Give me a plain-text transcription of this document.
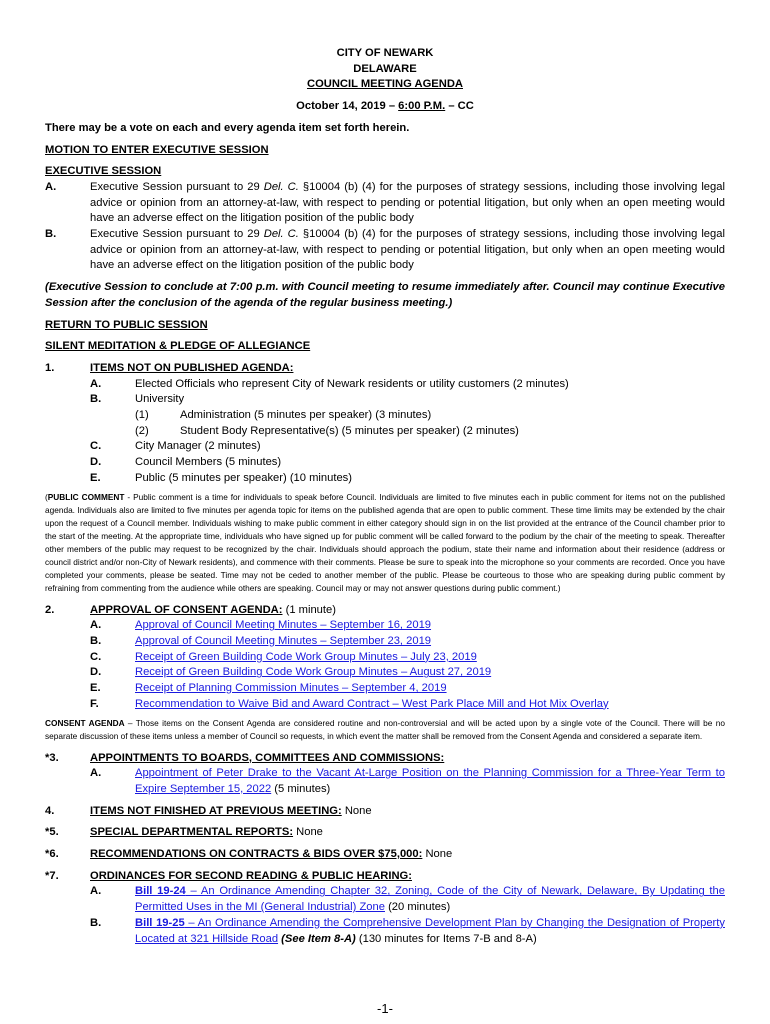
CITY OF NEWARK
DELAWARE
COUNCIL MEETING AGENDA
October 14, 2019 – 6:00 P.M. – CC
There may be a vote on each and every agenda item set forth herein.
MOTION TO ENTER EXECUTIVE SESSION
EXECUTIVE SESSION
A.	Executive Session pursuant to 29 Del. C. §10004 (b) (4) for the purposes of strategy sessions, including those involving legal advice or opinion from an attorney-at-law, with respect to pending or potential litigation, but only when an open meeting would have an adverse effect on the litigation position of the public body
B.	Executive Session pursuant to 29 Del. C. §10004 (b) (4) for the purposes of strategy sessions, including those involving legal advice or opinion from an attorney-at-law, with respect to pending or potential litigation, but only when an open meeting would have an adverse effect on the litigation position of the public body
(Executive Session to conclude at 7:00 p.m. with Council meeting to resume immediately after. Council may continue Executive Session after the conclusion of the agenda of the regular business meeting.)
RETURN TO PUBLIC SESSION
SILENT MEDITATION & PLEDGE OF ALLEGIANCE
1.	ITEMS NOT ON PUBLISHED AGENDA:
A.	Elected Officials who represent City of Newark residents or utility customers (2 minutes)
B.	University
(1)	Administration (5 minutes per speaker) (3 minutes)
(2)	Student Body Representative(s) (5 minutes per speaker) (2 minutes)
C.	City Manager (2 minutes)
D.	Council Members (5 minutes)
E.	Public (5 minutes per speaker) (10 minutes)
(PUBLIC COMMENT - Public comment is a time for individuals to speak before Council. Individuals are limited to five minutes each in public comment for items not on the published agenda. Individuals also are limited to five minutes per agenda topic for items on the published agenda that are open to public comment. These time limits may be extended by the chair upon the request of a Council member. Individuals wishing to make public comment in either category should sign in on the list provided at the entrance of the Council chamber prior to the start of the meeting. At the appropriate time, individuals who have signed up for public comment will be called forward to the podium by the chair of the meeting to speak. Thereafter other members of the public may request to be recognized by the chair. Individuals should approach the podium, state their name and information about their residence (address or council district and/or non-City of Newark residents), and commence with their comments. Please be sure to speak into the microphone so your comments are recorded. Once you have completed your comments, please be seated. Time may not be ceded to another member of the public. Please be courteous to those who are speaking during public comment by refraining from commenting from the audience while others are speaking. Council may or may not answer questions during public comment.)
2.	APPROVAL OF CONSENT AGENDA: (1 minute)
A.	Approval of Council Meeting Minutes – September 16, 2019
B.	Approval of Council Meeting Minutes – September 23, 2019
C.	Receipt of Green Building Code Work Group Minutes – July 23, 2019
D.	Receipt of Green Building Code Work Group Minutes – August 27, 2019
E.	Receipt of Planning Commission Minutes – September 4, 2019
F.	Recommendation to Waive Bid and Award Contract – West Park Place Mill and Hot Mix Overlay
CONSENT AGENDA – Those items on the Consent Agenda are considered routine and non-controversial and will be acted upon by a single vote of the Council. There will be no separate discussion of these items unless a member of Council so requests, in which event the matter shall be removed from the Consent Agenda and considered a separate item.
*3.	APPOINTMENTS TO BOARDS, COMMITTEES AND COMMISSIONS:
A.	Appointment of Peter Drake to the Vacant At-Large Position on the Planning Commission for a Three-Year Term to Expire September 15, 2022 (5 minutes)
4.	ITEMS NOT FINISHED AT PREVIOUS MEETING: None
*5.	SPECIAL DEPARTMENTAL REPORTS: None
*6.	RECOMMENDATIONS ON CONTRACTS & BIDS OVER $75,000: None
*7.	ORDINANCES FOR SECOND READING & PUBLIC HEARING:
A.	Bill 19-24 – An Ordinance Amending Chapter 32, Zoning, Code of the City of Newark, Delaware, By Updating the Permitted Uses in the MI (General Industrial) Zone (20 minutes)
B.	Bill 19-25 – An Ordinance Amending the Comprehensive Development Plan by Changing the Designation of Property Located at 321 Hillside Road (See Item 8-A) (130 minutes for Items 7-B and 8-A)
-1-
